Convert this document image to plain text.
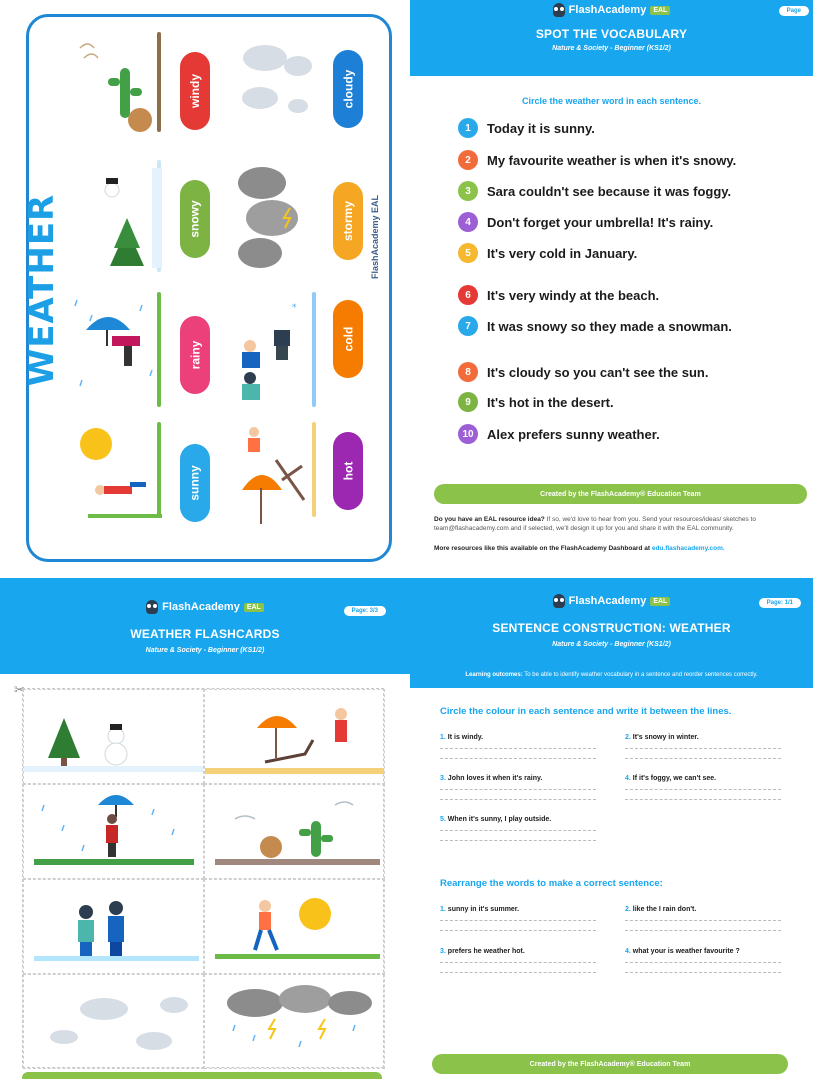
WEATHER	FlashAcademy EAL
windy	cloudy
snowy	stormy
rainy
cold
sunny	hot
*
FlashAcademy	EAL	Page
SPOT THE VOCABULARY
Nature & Society - Beginner (KS1/2)
Circle the weather word in each sentence.
1	Today it is sunny.
2	My favourite weather is when it's snowy.
3	Sara couldn't see because it was foggy.
4	Don't forget your umbrella! It's rainy.
5	It's very cold in January.
6	It's very windy at the beach.
7	It was snowy so they made a snowman.
8	It's cloudy so you can't see the sun.
9	It's hot in the desert.
10	Alex prefers sunny weather.
Created by the FlashAcademy® Education Team
Do you have an EAL resource idea? If so, we'd love to hear from you. Send your resources/ideas/ sketches to team@flashacademy.com and if selected, we'll design it up for you and share it with the EAL community.
More resources like this available on the FlashAcademy Dashboard at edu.flashacademy.com.
FlashAcademy	EAL
Page: 3/3
WEATHER FLASHCARDS
Nature & Society - Beginner (KS1/2)
✂
FlashAcademy	EAL	Page: 1/1
SENTENCE CONSTRUCTION: WEATHER
Nature & Society - Beginner (KS1/2)
Learning outcomes: To be able to identify weather vocabulary in a sentence and reorder sentences correctly.
Circle the colour in each sentence and write it between the lines.
1. It is windy.	2. It's snowy in winter.
3. John loves it when it's rainy.	4. If it's foggy, we can't see.
5. When it's sunny, I play outside.
Rearrange the words to make a correct sentence:
1. sunny in it's summer.	2. like the I rain don't.
3. prefers he weather hot.	4. what your is weather favourite ?
Created by the FlashAcademy® Education Team
